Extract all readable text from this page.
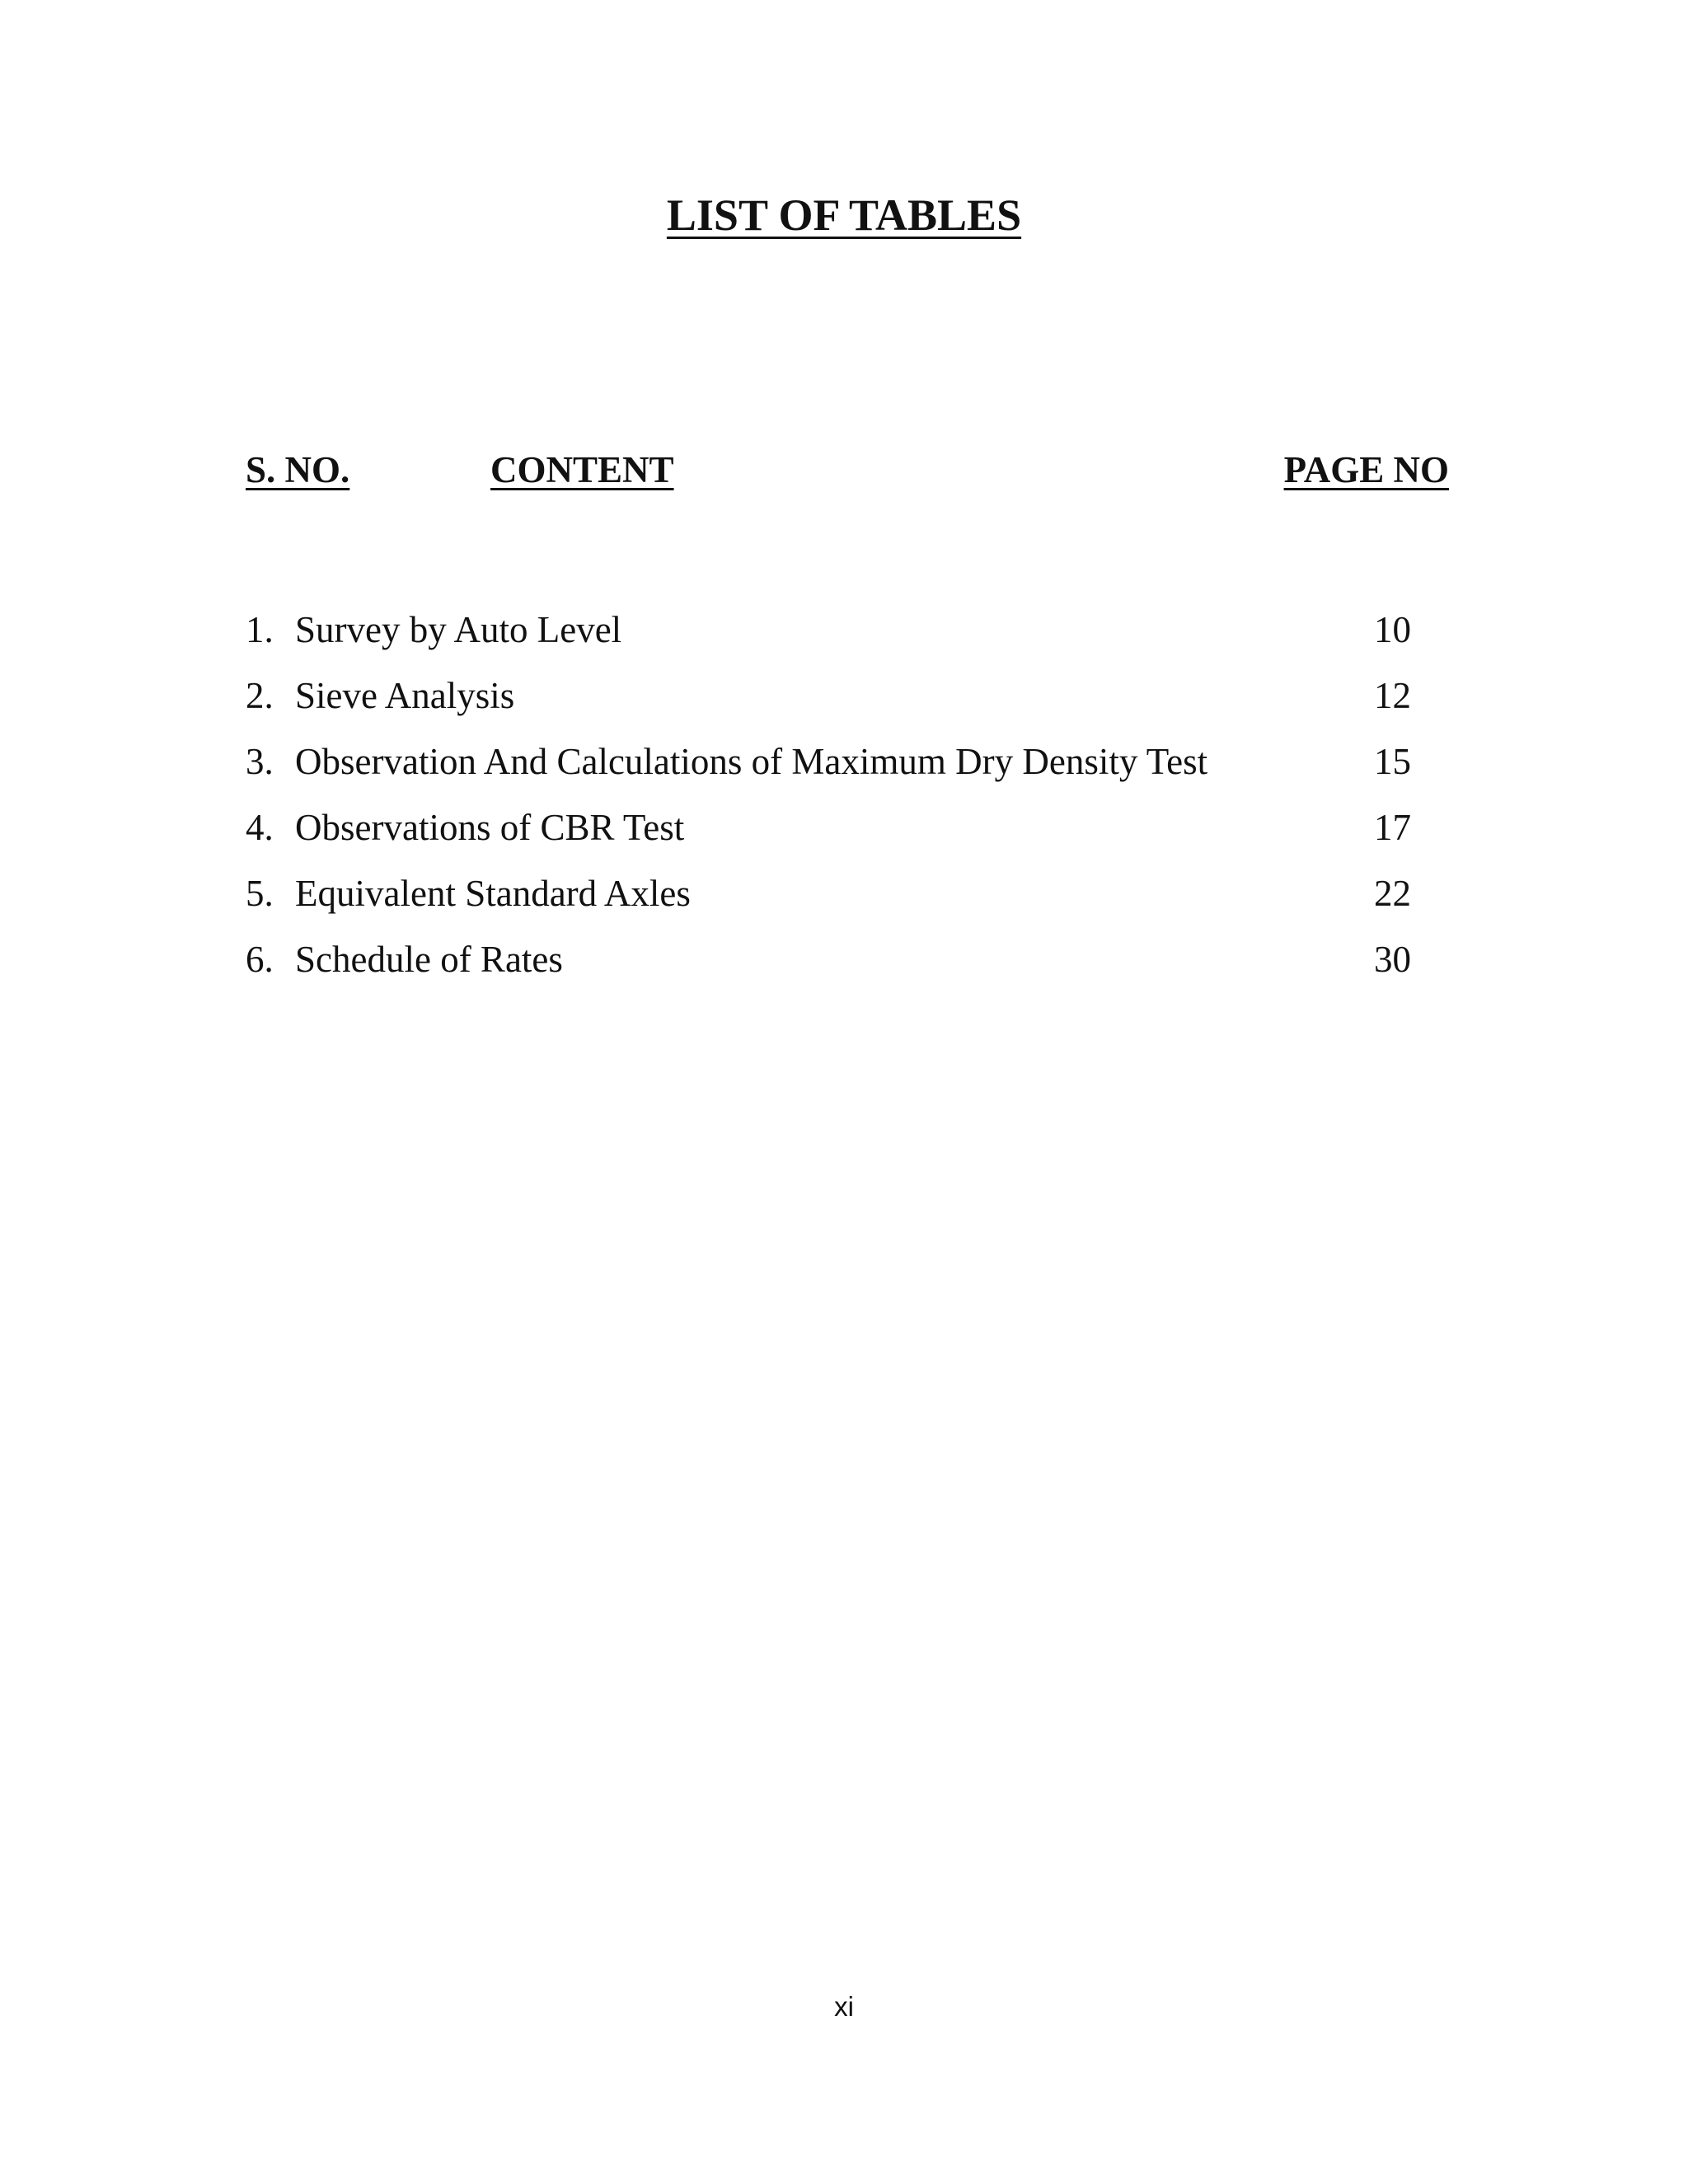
LIST OF TABLES
S. NO.	CONTENT	PAGE NO
1. Survey by Auto Level	10
2. Sieve Analysis	12
3. Observation And Calculations of Maximum Dry Density Test	15
4. Observations of CBR Test	17
5. Equivalent Standard Axles	22
6. Schedule of Rates	30
xi
